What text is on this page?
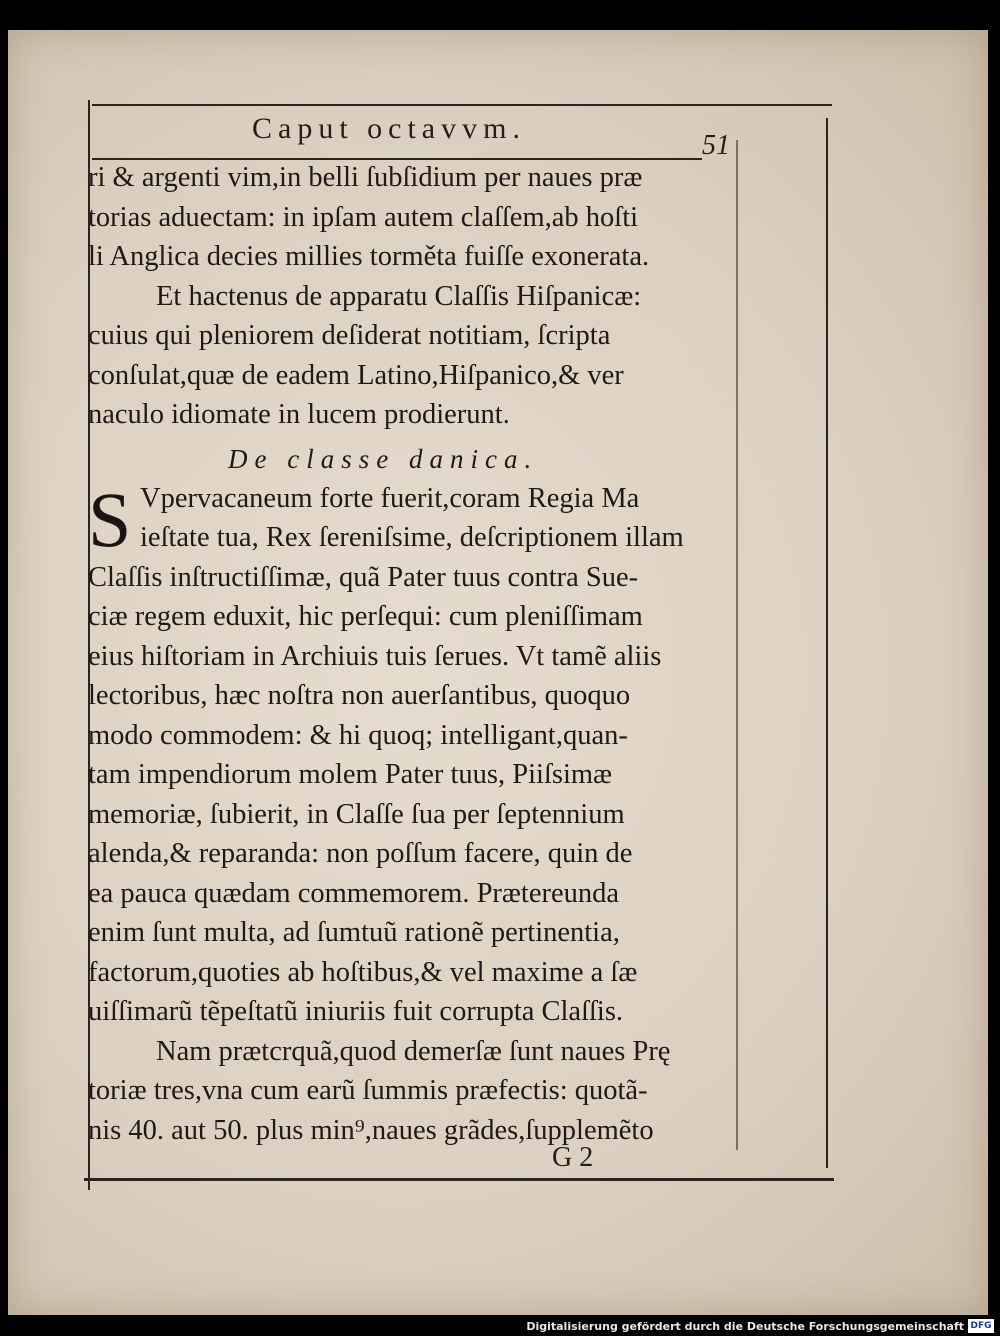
Caput octavvm.
51
ri & argenti vim,in belli ſubſidium per naues præ
torias aduectam: in ipſam autem claſſem,ab hoſti
li Anglica decies millies torměta fuiſſe exonerata.
Et hactenus de apparatu Claſſis Hiſpanicæ:
cuius qui pleniorem deſiderat notitiam, ſcripta
conſulat,quæ de eadem Latino,Hiſpanico,& ver
naculo idiomate in lucem prodierunt.
De classe danica.
S Vpervacaneum forte fuerit,coram Regia Ma
ieſtate tua, Rex ſereniſsime, deſcriptionem illam
Claſſis inſtructiſſimæ, quã Pater tuus contra Sue-
ciæ regem eduxit, hic perſequi: cum pleniſſimam
eius hiſtoriam in Archiuis tuis ſerues. Vt tamẽ aliis
lectoribus, hæc noſtra non auerſantibus, quoquo
modo commodem: & hi quoq; intelligant,quan-
tam impendiorum molem Pater tuus, Piiſsimæ
memoriæ, ſubierit, in Claſſe ſua per ſeptennium
alenda,& reparanda: non poſſum facere, quin de
ea pauca quædam commemorem. Prætereunda
enim ſunt multa, ad ſumtuũ rationẽ pertinentia,
factorum,quoties ab hoſtibus,& vel maxime a ſæ
uiſſimarũ tẽpeſtatũ iniuriis fuit corrupta Claſſis.
Nam prætcrquã,quod demerſæ ſunt naues Prę
toriæ tres,vna cum earũ ſummis præfectis: quotã-
nis 40. aut 50. plus min⁹,naues grãdes,ſupplemẽto
G 2
Digitalisierung gefördert durch die Deutsche Forschungsgemeinschaft DFG
